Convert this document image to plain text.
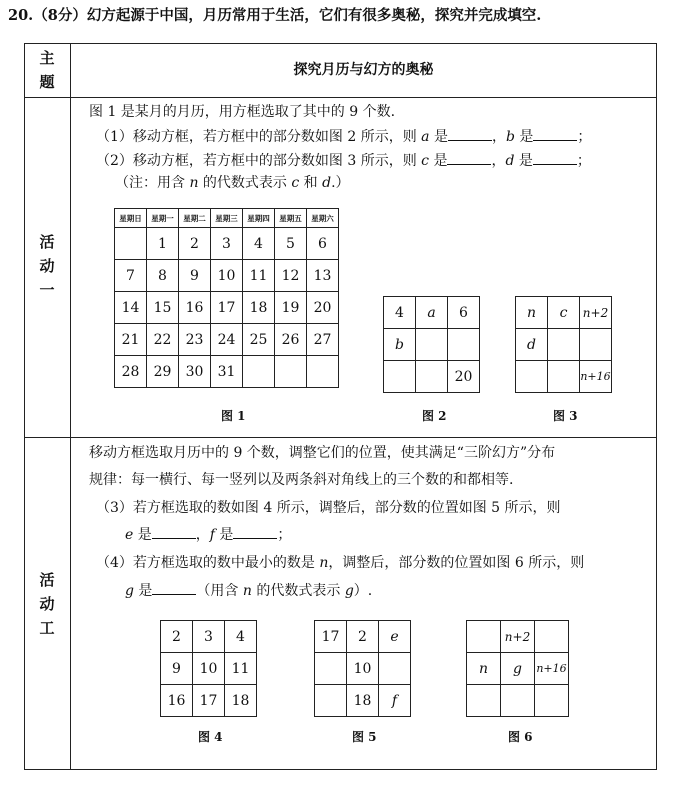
20.（8分）幻方起源于中国，月历常用于生活，它们有很多奥秘，探究并完成填空.
主
题
探究月历与幻方的奥秘
活
动
一
图 1 是某月的月历，用方框选取了其中的 9 个数.
（1）移动方框，若方框中的部分数如图 2 所示，则 a 是	，b 是	；
（2）移动方框，若方框中的部分数如图 3 所示，则 c 是	，d 是	；
（注：用含 n 的代数式表示 c 和 d.）
星期日	星期一	星期二	星期三	星期四	星期五	星期六
	1	2	3	4	5	6
7	8	9	10	11	12	13
14	15	16	17	18	19	20
21	22	23	24	25	26	27
28	29	30	31			
图 1
4	a	6
b		
		20
图 2
n	c	n+2
d		
		n+16
图 3
活
动
工
移动方框选取月历中的 9 个数，调整它们的位置，使其满足“三阶幻方”分布
规律：每一横行、每一竖列以及两条斜对角线上的三个数的和都相等.
（3）若方框选取的数如图 4 所示，调整后，部分数的位置如图 5 所示，则
e 是	，f 是	；
（4）若方框选取的数中最小的数是 n，调整后，部分数的位置如图 6 所示，则
g 是	（用含 n 的代数式表示 g）.
2	3	4
9	10	11
16	17	18
图 4
17	2	e
	10	
	18	f
图 5
	n+2	
n	g	n+16

图 6
